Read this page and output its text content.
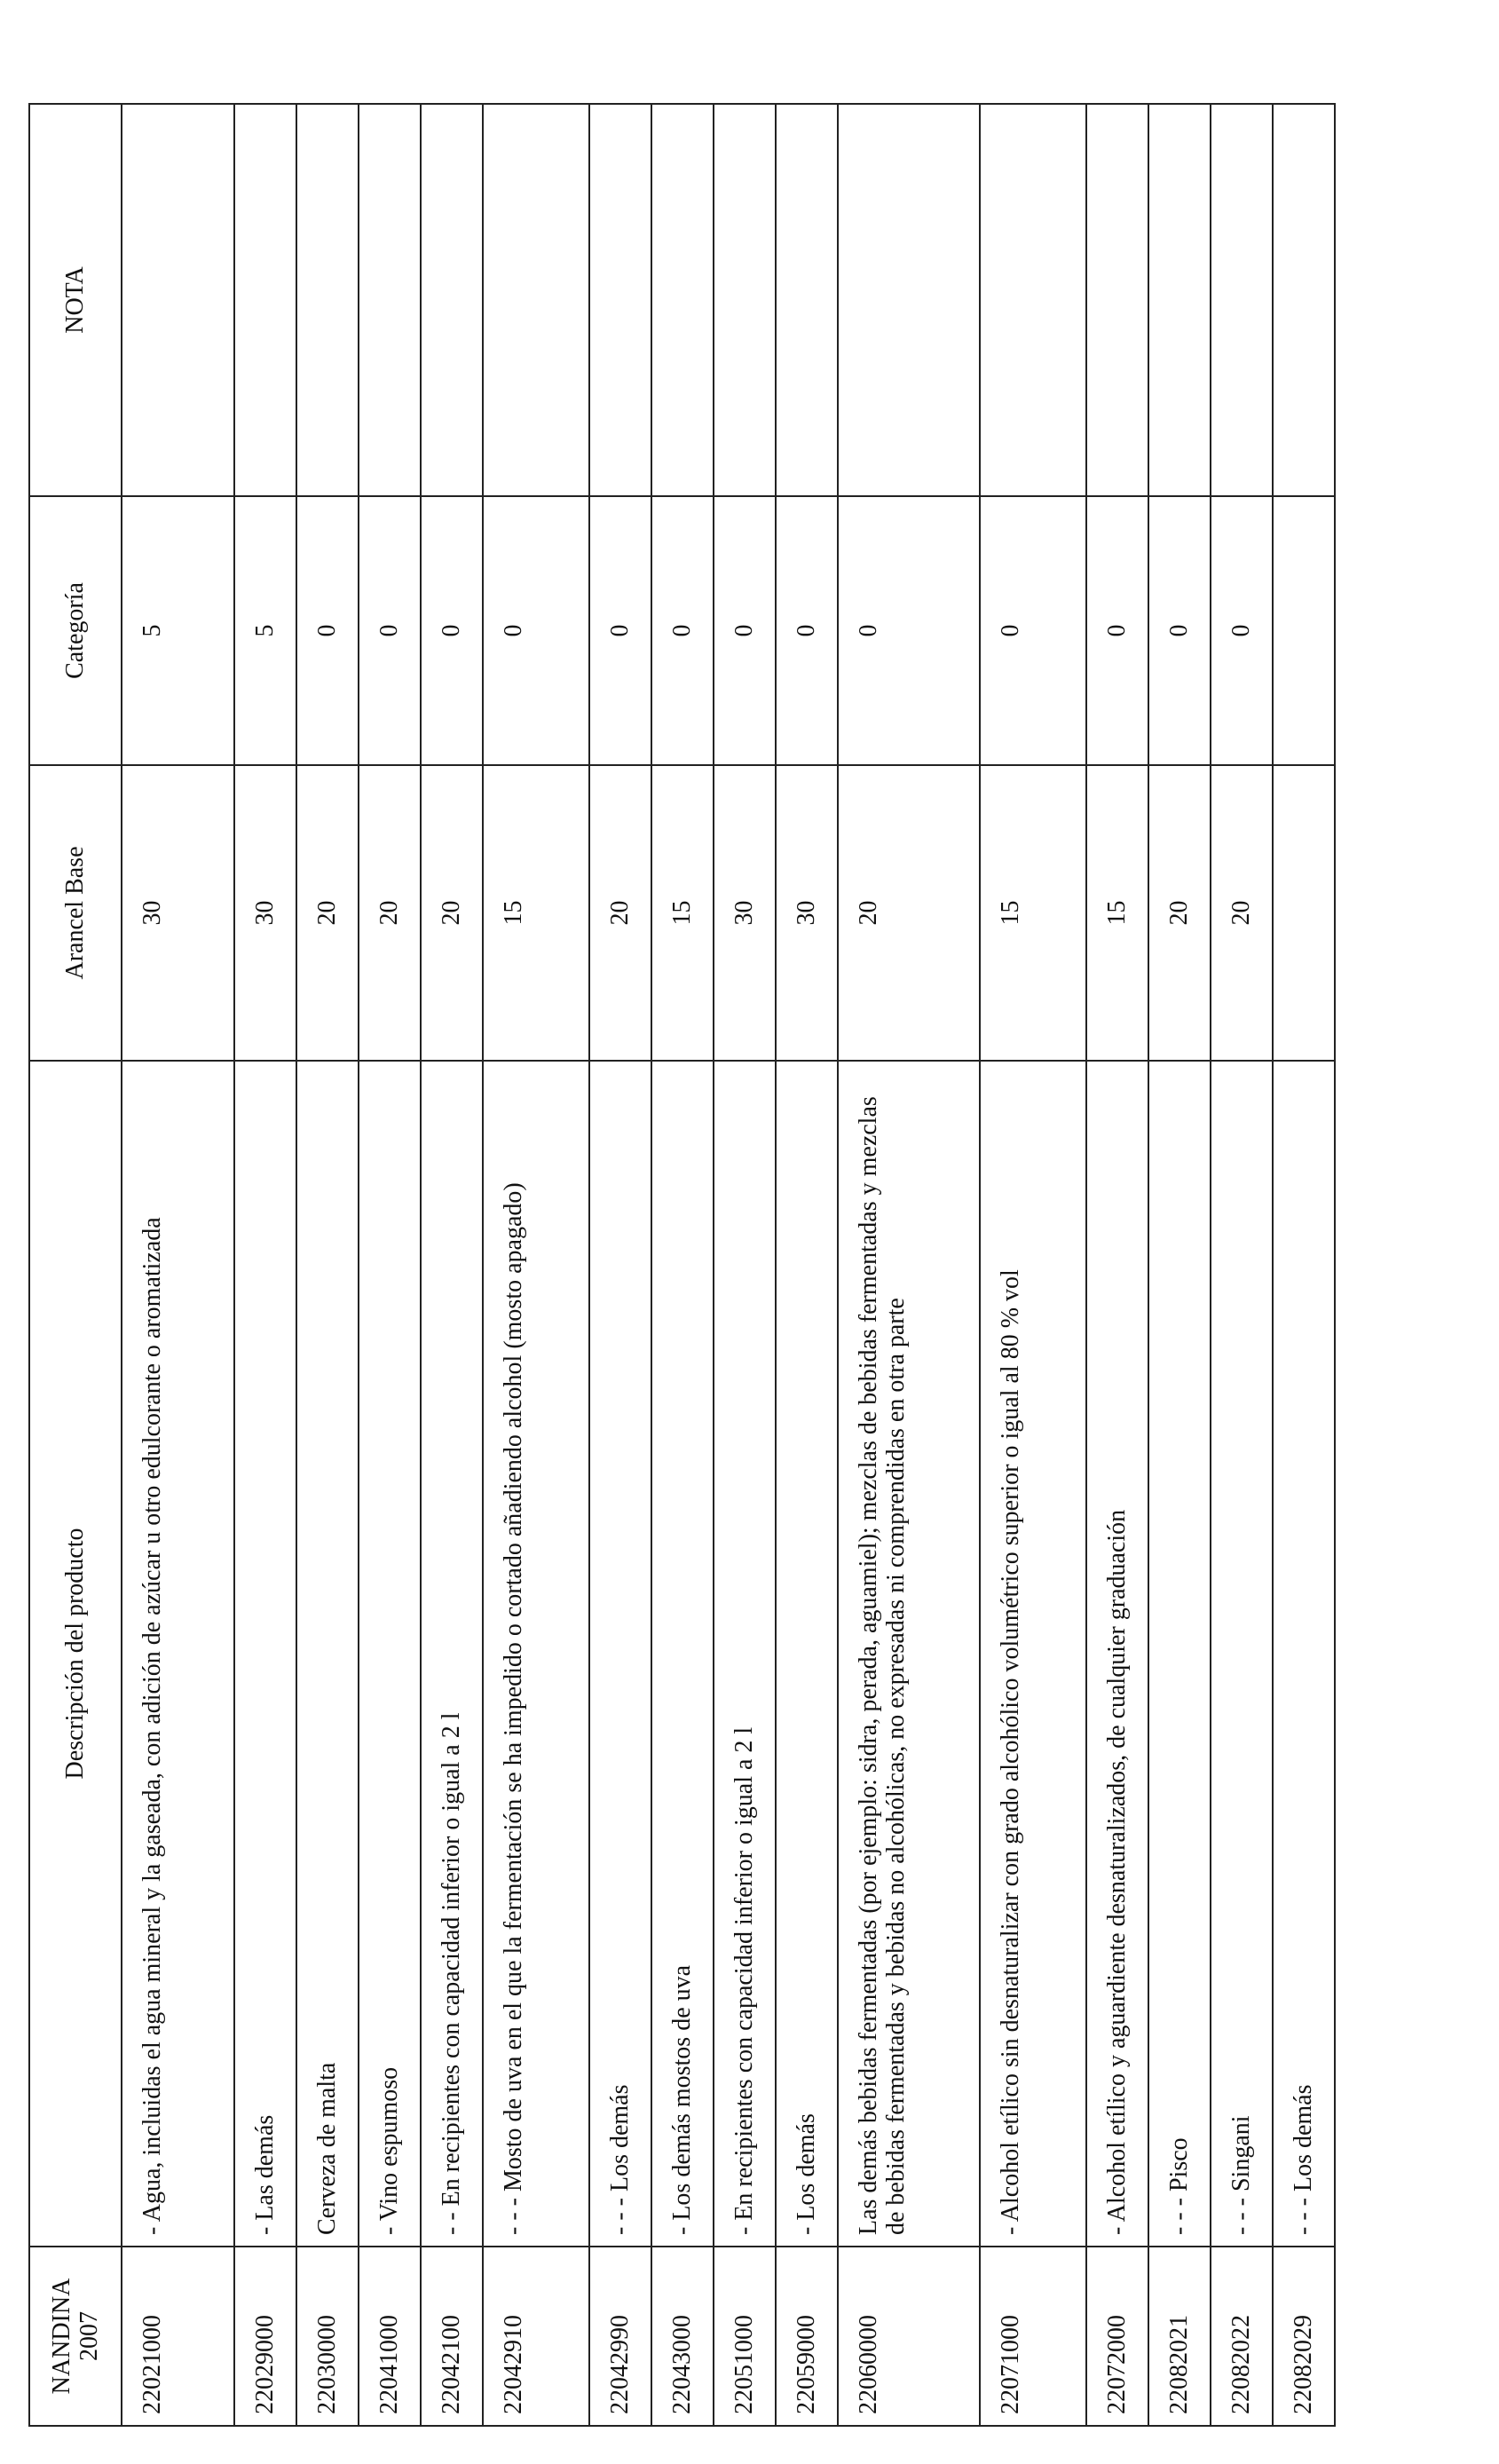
NANDINA 2007	Descripción del producto	Arancel Base	Categoría	NOTA
22021000	- Agua, incluidas el agua mineral y la gaseada, con adición de azúcar u otro edulcorante o aromatizada	30	5	
22029000	- Las demás	30	5	
22030000	Cerveza de malta	20	0	
22041000	- Vino espumoso	20	0	
22042100	- - En recipientes con capacidad inferior o igual a 2 l	20	0	
22042910	- - - Mosto de uva en el que la fermentación se ha impedido o cortado añadiendo alcohol (mosto apagado)	15	0	
22042990	- - - Los demás	20	0	
22043000	- Los demás mostos de uva	15	0	
22051000	- En recipientes con capacidad inferior o igual a 2 l	30	0	
22059000	- Los demás	30	0	
22060000	Las demás bebidas fermentadas (por ejemplo: sidra, perada, aguamiel); mezclas de bebidas fermentadas y mezclas de bebidas fermentadas y bebidas no alcohólicas, no expresadas ni comprendidas en otra parte	20	0	
22071000	- Alcohol etílico sin desnaturalizar con grado alcohólico volumétrico superior o igual al 80 % vol	15	0	
22072000	- Alcohol etílico y aguardiente desnaturalizados, de cualquier graduación	15	0	
22082021	- - - Pisco	20	0	
22082022	- - - Singani	20	0	
22082029	- - - Los demás			
